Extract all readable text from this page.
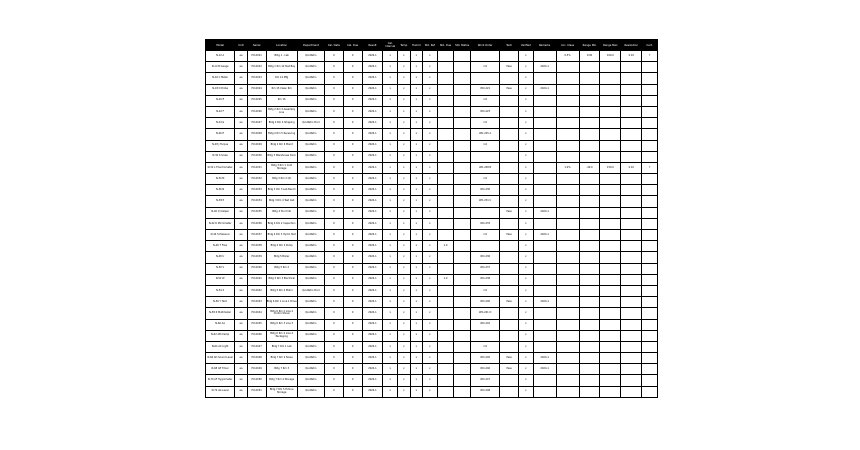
Model	Unit	Serial	Location	Department	Cal. Date	Cal. Due	Result	Cal. Interval	Temp	Humid	Std. Ref	Std. Due	Std. Status	Work Order	Tech	Verified	Remarks	Acc. Class	Range Min	Range Max	Resolution	Cert.
N-12 A	ea	HX-0021	Bldg 1 - Lab	QA-Metro	0	0	2024-1	x	x	x	x					x		0.5%	0.00	100.0	0.01	Y
N-14 B Gauge	ea	HX-0022	Bldg 1 Rm 12 Test Bay	QA-Metro	0	0	2024-1	x	x	x	x			1.0	Pass	x	2024-1					
N-16 C Meter	ea	HX-0023	Rm 14 Mfg	QA-Metro	0	0	2024-1	x	x	x	x					x						
N-18 D Probe	ea	HX-0024	Rm 15 Clean Rm	QA-Metro	0	0	2024-1	x	x	x	x			WO-221	Pass	x	2024-1					
N-20 E	ea	HX-0025	Rm 16	QA-Metro	0	0	2024-1	x	x	x	x			1.0		x						
N-22 F	ea	HX-0026	Bldg 2 Rm 3 Assembly Line	QA-Metro	0	0	2024-1	x	x	x	x			WO-223		x						
N-24 G	ea	HX-0027	Bldg 2 Rm 4 Shipping	QA-Metro Prod	0	0	2024-1	x	x	x	x			1.0		x						
N-26 H	ea	HX-0028	Bldg 2 Rm 5 Receiving	QA-Metro	0	0	2024-1	x	x	x	x			WO-225 A		x						
N-28 J Torque	ea	HX-0029	Bldg 2 Rm 6 Maint	QA-Metro	0	0	2024-1	x	x	x	x			1.0		x						
N-30 K Scale	ea	HX-0030	Bldg 3 Warehouse Dock	QA-Metro	0	0	2024-1	x	x	x	x					x						
N-32 L Thermometer	ea	HX-0031	Bldg 3 Rm 1 Cold Storage	QA-Metro	0	0	2024-1	x	x	x	x			WO-228 B		x		1.0%	-40.0	150.0	0.10	Y
N-34 M	ea	HX-0032	Bldg 3 Rm 2 QC	QA-Metro	0	0	2024-1	x	x	x	x			1.0		x						
N-36 N	ea	HX-0033	Bldg 3 Rm 3 Lab Bench	QA-Metro	0	0	2024-1	x	x	x	x			WO-230		x						
N-38 P	ea	HX-0034	Bldg 3 Rm 4 Test Cell	QA-Metro	0	0	2024-1	x	x	x	x			WO-231 C		x						
N-40 Q Caliper	ea	HX-0035	Bldg 4 Tool Crib	QA-Metro	0	0	2024-1	x	x	x	x				Pass	x	2024-1					
N-42 R Micrometer	ea	HX-0036	Bldg 4 Rm 2 Inspection	QA-Metro	0	0	2024-1	x	x	x	x			WO-233		x						
N-44 S Pressure	ea	HX-0037	Bldg 4 Rm 3 Hydro Test	QA-Metro	0	0	2024-1	x	x	x	x			1.0	Pass	x	2024-1					
N-46 T Flow	ea	HX-0038	Bldg 4 Rm 4 Pump	QA-Metro	0	0	2024-1	x	x	x	x	1.0				x						
N-48 U	ea	HX-0039	Bldg 5 Boiler	QA-Metro	0	0	2024-1	x	x	x	x			WO-236		x						
N-50 V	ea	HX-0040	Bldg 5 Rm 2	QA-Metro	0	0	2024-1	x	x	x	x			WO-237		x						
N-52 W	ea	HX-0041	Bldg 5 Rm 3 Electrical	QA-Metro	0	0	2024-1	x	x	x	x	1.0		WO-238		x						
N-54 X	ea	HX-0042	Bldg 5 Rm 4 Motor	QA-Metro Prod	0	0	2024-1	x	x	x	x			1.0		x						
N-56 Y Tach	ea	HX-0043	Bldg 6 Rm 1 Line 1 Drive	QA-Metro	0	0	2024-1	x	x	x	x			WO-240	Pass	x	2024-1					
N-58 Z Multimeter	ea	HX-0044	Bldg 6 Rm 2 Line 2 Control Panel	QA-Metro	0	0	2024-1	x	x	x	x			WO-241 D		x						
N-60 AA	ea	HX-0045	Bldg 6 Rm 3 Line 3	QA-Metro	0	0	2024-1	x	x	x	x			WO-242		x						
N-62 AB Clamp	ea	HX-0046	Bldg 6 Rm 4 Line 4 Packaging	QA-Metro	0	0	2024-1	x	x	x	x					x						
N-64 AC Light	ea	HX-0047	Bldg 7 Rm 1 Lab	QA-Metro	0	0	2024-1	x	x	x	x			1.0		x						
N-66 AD Sound Level	ea	HX-0048	Bldg 7 Rm 2 Noise	QA-Metro	0	0	2024-1	x	x	x	x			WO-245	Pass	x	2024-1					
N-68 AE Timer	ea	HX-0049	Bldg 7 Rm 3	QA-Metro	0	0	2024-1	x	x	x	x			WO-246	Pass	x	2024-1					
N-70 AF Hygrometer	ea	HX-0050	Bldg 7 Rm 4 Storage	QA-Metro	0	0	2024-1	x	x	x	x			WO-247		x						
N-72 AG Level	ea	HX-0051	Bldg 7 Rm 5 Fixture Storage	QA-Metro	0	0	2024-1	x	x	x	x			WO-248		x						
